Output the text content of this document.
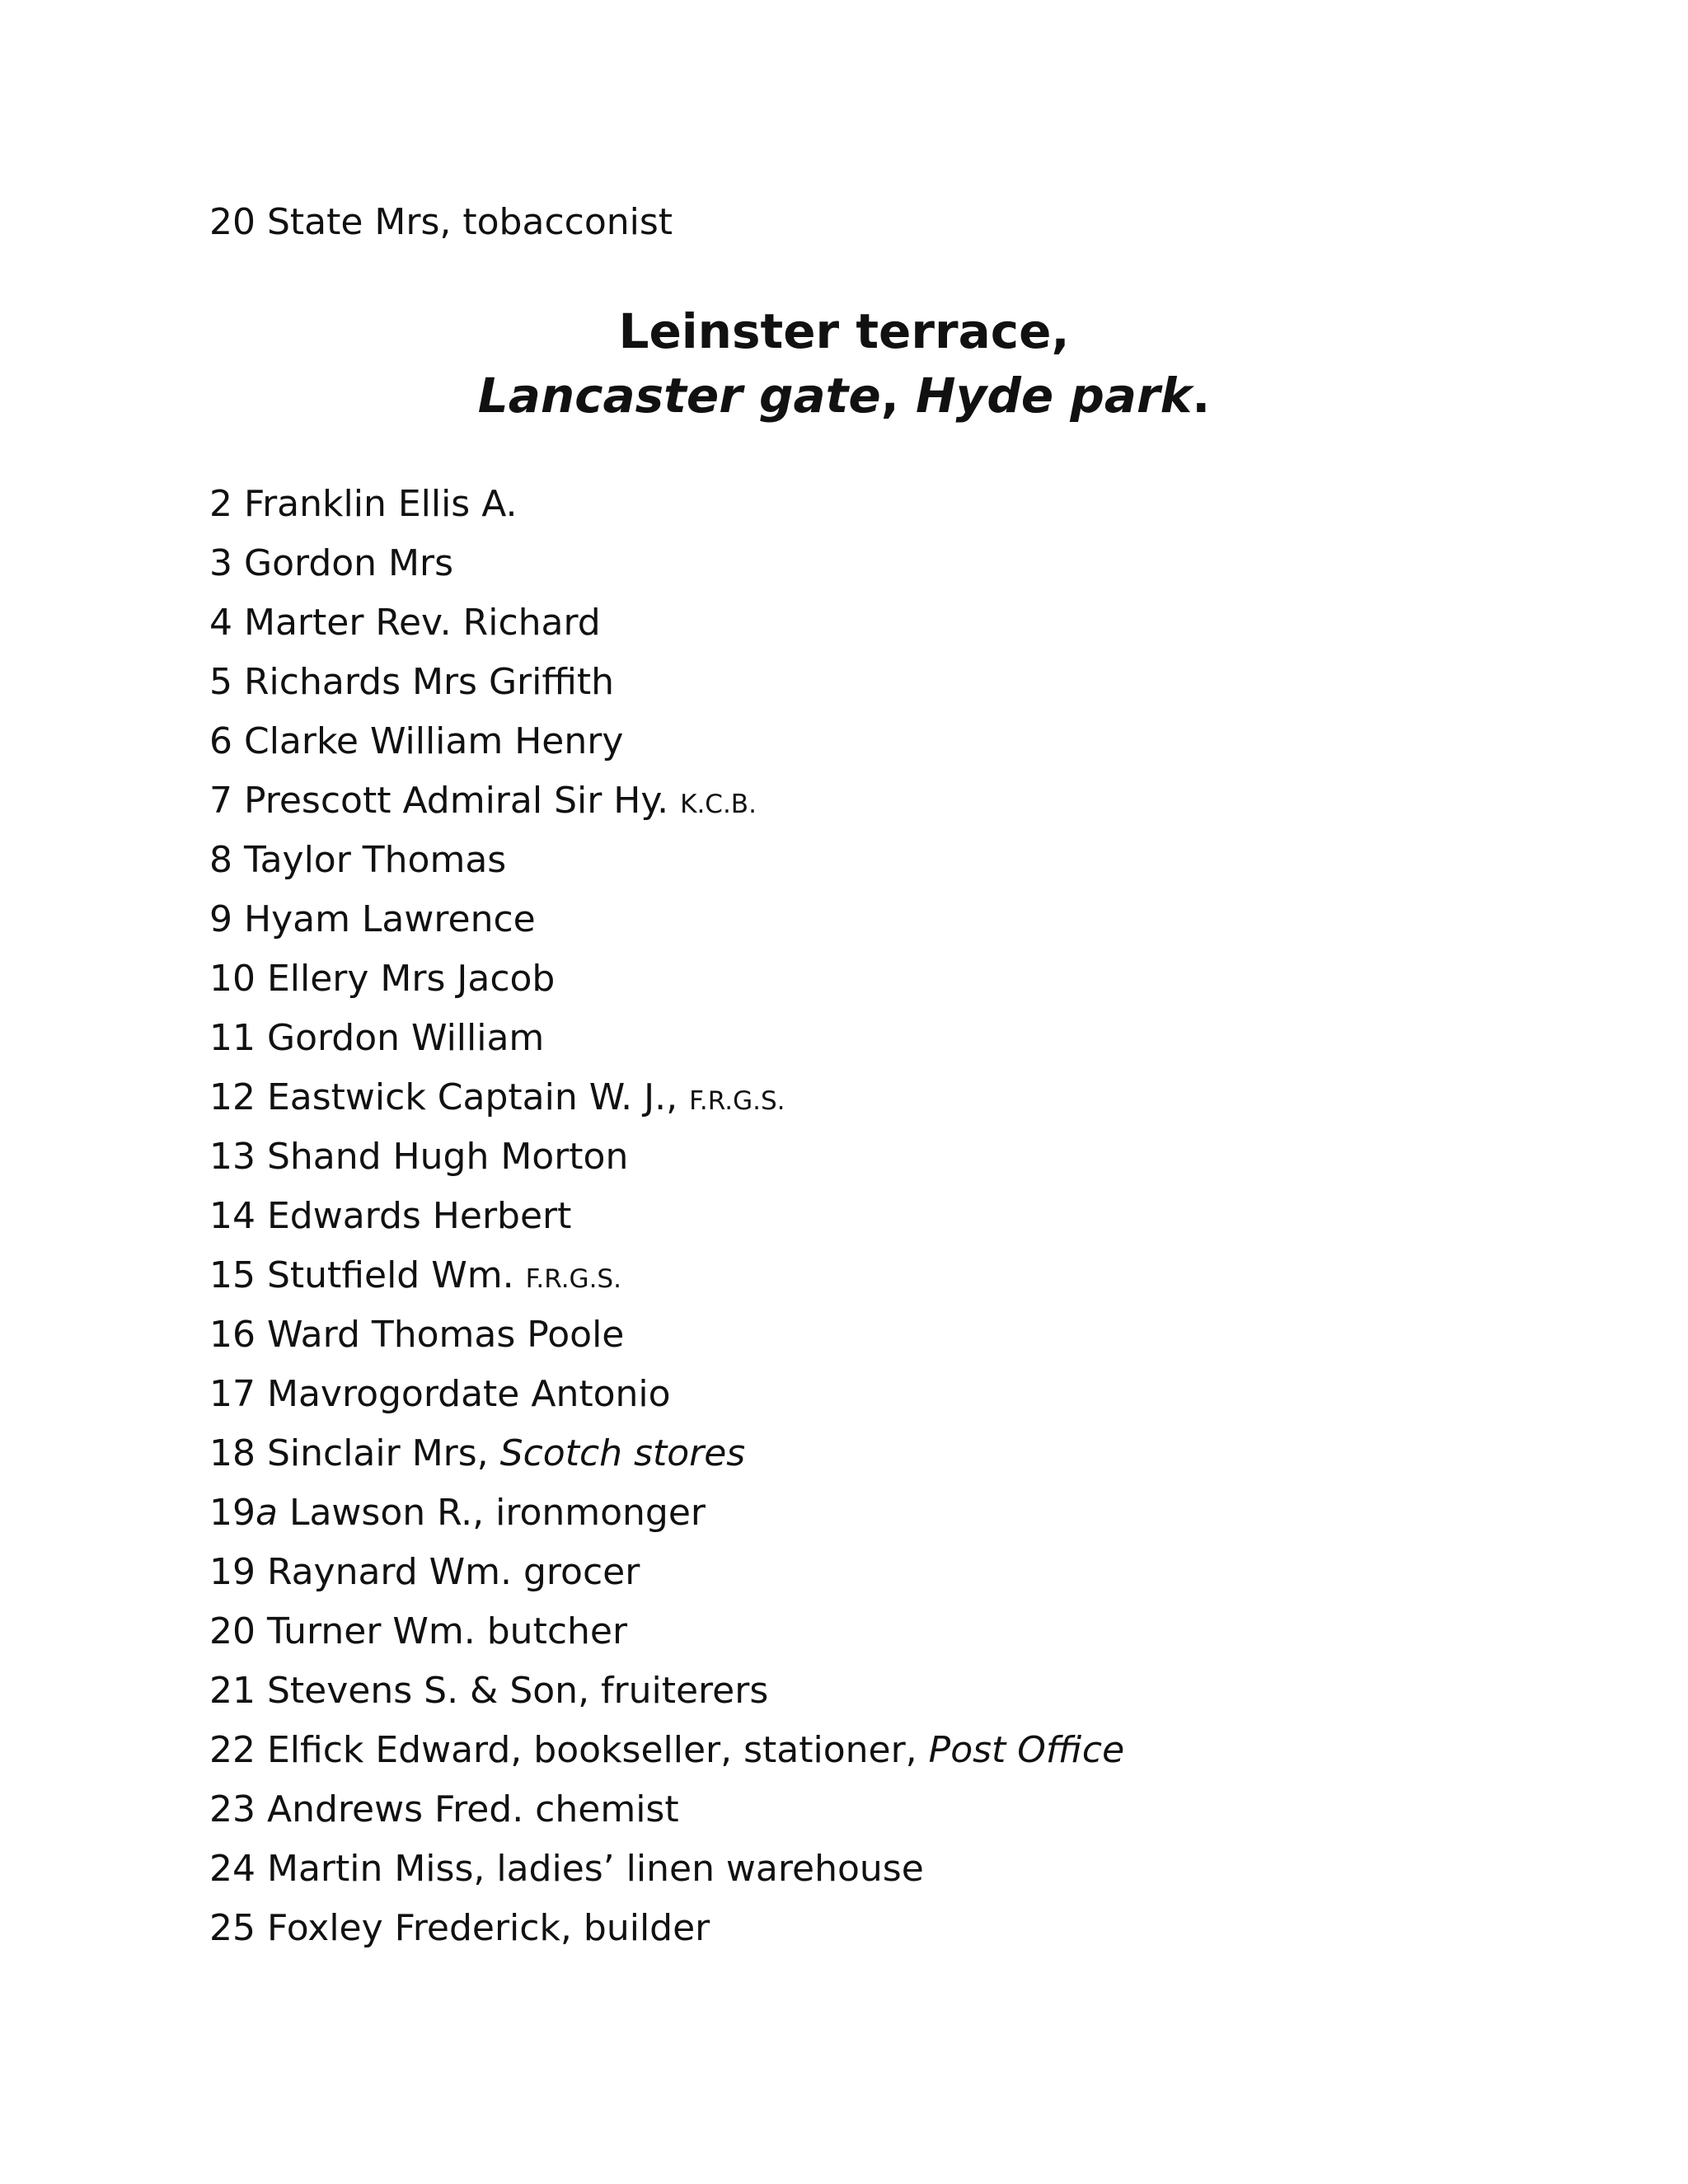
20 State Mrs, tobacconist
Leinster terrace,
Lancaster gate, Hyde park.
2 Franklin Ellis A.
3 Gordon Mrs
4 Marter Rev. Richard
5 Richards Mrs Griffith
6 Clarke William Henry
7 Prescott Admiral Sir Hy. K.C.B.
8 Taylor Thomas
9 Hyam Lawrence
10 Ellery Mrs Jacob
11 Gordon William
12 Eastwick Captain W. J., F.R.G.S.
13 Shand Hugh Morton
14 Edwards Herbert
15 Stutfield Wm. F.R.G.S.
16 Ward Thomas Poole
17 Mavrogordate Antonio
18 Sinclair Mrs, Scotch stores
19a Lawson R., ironmonger
19 Raynard Wm. grocer
20 Turner Wm. butcher
21 Stevens S. & Son, fruiterers
22 Elfick Edward, bookseller, stationer, Post Office
23 Andrews Fred. chemist
24 Martin Miss, ladies’ linen warehouse
25 Foxley Frederick, builder
